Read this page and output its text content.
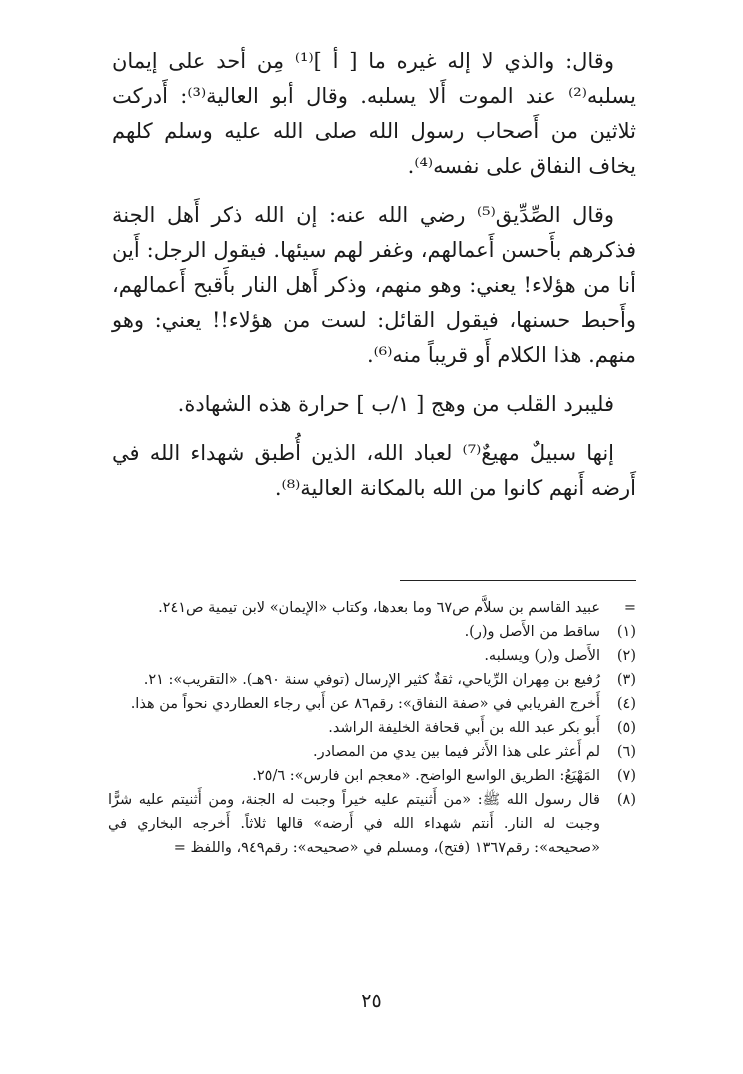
وقال: والذي لا إله غيره ما [ أ ]⁽¹⁾ مِن أحد على إيمان يسلبه⁽²⁾ عند الموت أَلا يسلبه. وقال أبو العالية⁽³⁾: أَدركت ثلاثين من أَصحاب رسول الله صلى الله عليه وسلم كلهم يخاف النفاق على نفسه⁽⁴⁾.

وقال الصِّدِّيق⁽⁵⁾ رضي الله عنه: إن الله ذكر أَهل الجنة فذكرهم بأَحسن أَعمالهم، وغفر لهم سيئها. فيقول الرجل: أَين أنا من هؤلاء! يعني: وهو منهم، وذكر أَهل النار بأَقبح أَعمالهم، وأَحبط حسنها، فيقول القائل: لست من هؤلاء!! يعني: وهو منهم. هذا الكلام أَو قريباً منه⁽⁶⁾.

فليبرد القلب من وهج [ ١/ب ] حرارة هذه الشهادة.

إنها سبيلٌ مهيعٌ⁽⁷⁾ لعباد الله، الذين أُطبق شهداء الله في أَرضه أَنهم كانوا من الله بالمكانة العالية⁽⁸⁾.

=
عبيد القاسم بن سلاَّم ص٦٧ وما بعدها، وكتاب «الإيمان» لابن تيمية ص٢٤١.
(١)
ساقط من الأَصل و(ر).
(٢)
الأَصل و(ر) ويسلبه.
(٣)
رُفيع بن مِهران الرِّياحي، ثقةٌ كثير الإرسال (توفي سنة ٩٠هـ). «التقريب»: ٢١.
(٤)
أَخرج الفريابي في «صفة النفاق»: رقم٨٦ عن أَبي رجاء العطاردي نحواً من هذا.
(٥)
أَبو بكر عبد الله بن أَبي قحافة الخليفة الراشد.
(٦)
لم أَعثر على هذا الأَثر فيما بين يدي من المصادر.
(٧)
المَهْيَعُ: الطريق الواسع الواضح. «معجم ابن فارس»: ٢٥/٦.
(٨)
قال رسول الله ﷺ: «من أَثنيتم عليه خيراً وجبت له الجنة، ومن أَثنيتم عليه شرًّا وجبت له النار. أَنتم شهداء الله في أَرضه» قالها ثلاثاً. أَخرجه البخاري في «صحيحه»: رقم١٣٦٧ (فتح)، ومسلم في «صحيحه»: رقم٩٤٩، واللفظ =
٢٥
